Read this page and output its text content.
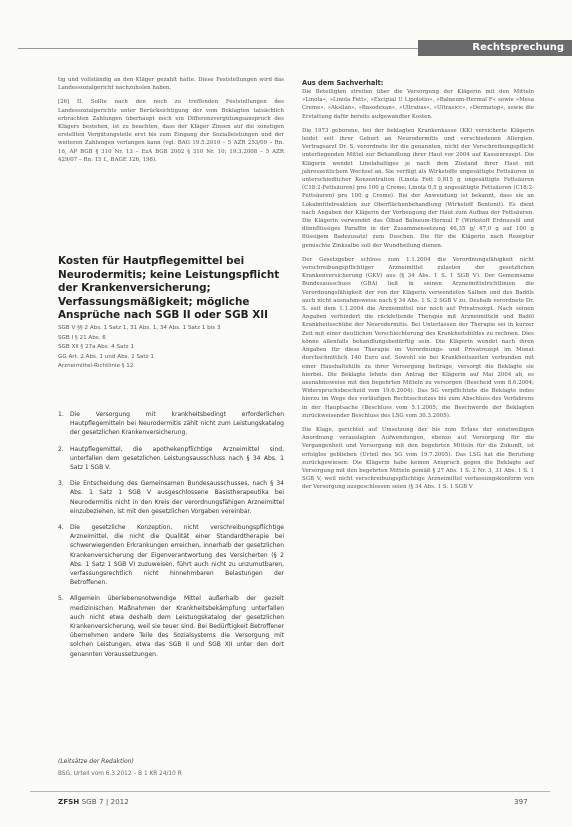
Rechtsprechung

tig und vollständig an den Kläger gezahlt hatte. Diese Feststellungen wird das Landessozialgericht nachzuholen haben.

[26] II. Sollte nach den noch zu treffenden Feststellungen des Landessozialgerichts unter Berücksichtigung der vom Beklagten tatsächlich erbrachten Zahlungen überhaupt noch ein Differenzvergütungsanspruch des Klägers bestehen, ist zu beachten, dass der Kläger Zinsen auf die sonstigen erstellten Vergütungsteile erst bis zum Eingang der Sozialleistungen und der weiteren Zahlungen verlangen kann (vgl. BAG 19.5.2010 – 5 AZR 253/09 – Rn. 16, AP BGB § 310 Nr. 13 – EzA BGB 2002 § 310 Nr. 10; 19.3.2008 – 5 AZR 429/07 – Rn. 15 f., BAGE 126, 198).

Kosten für Hautpflegemittel bei Neurodermitis; keine Leistungspflicht der Krankenversicherung; Verfassungsmäßigkeit; mögliche Ansprüche nach SGB II oder SGB XII
SGB V §§ 2 Abs. 1 Satz 1, 31 Abs. 1, 34 Abs. 1 Satz 1 bis 3
SGB I § 21 Abs. 6
SGB XII § 27a Abs. 4 Satz 1
GG Art. 2 Abs. 1 und Abs. 2 Satz 1
Arzneimittel-Richtlinie § 12
1. Die Versorgung mit krankheitsbedingt erforderlichen Hautpflegemitteln bei Neurodermitis zählt nicht zum Leistungskatalog der gesetzlichen Krankenversicherung.
2. Hautpflegemittel, die apothekenpflichtige Arzneimittel sind, unterfallen dem gesetzlichen Leistungsausschluss nach § 34 Abs. 1 Satz 1 SGB V.
3. Die Entscheidung des Gemeinsamen Bundesausschusses, nach § 34 Abs. 1 Satz 1 SGB V ausgeschlossene Basistherapeutika bei Neurodermitis nicht in den Kreis der verordnungsfähigen Arzneimittel einzubeziehen, ist mit den gesetzlichen Vorgaben vereinbar.
4. Die gesetzliche Konzeption, nicht verschreibungspflichtige Arzneimittel, die nicht die Qualität einer Standardtherapie bei schwerwiegenden Erkrankungen erreichen, innerhalb der gesetzlichen Krankenversicherung der Eigenverantwortung des Versicherten (§ 2 Abs. 1 Satz 1 SGB V) zuzuweisen, führt auch nicht zu unzumutbaren, verfassungsrechtlich nicht hinnehmbaren Belastungen der Betroffenen.
5. Allgemein überlebensnotwendige Mittel außerhalb der gezielt medizinischen Maßnahmen der Krankheitsbekämpfung unterfallen auch nicht etwa deshalb dem Leistungskatalog der gesetzlichen Krankenversicherung, weil sie teuer sind. Bei Bedürftigkeit Betroffener übernehmen andere Teile des Sozialsystems die Versorgung mit solchen Leistungen, etwa das SGB II und SGB XII unter den dort genannten Voraussetzungen.
(Leitsätze der Redaktion)
BSG, Urteil vom 6.3.2012 – B 1 KR 24/10 R
Aus dem Sachverhalt:

Die Beteiligten streiten über die Versorgung der Klägerin mit den Mitteln »Linola«, »Linola Fett«, »Excipial U Lipolotio«, »Balneum-Hermal F« sowie »Mesa Creme«, »Aksilan«, »Basodexan«, »Ultrabas«, »Ultrasicc«, »Dermatop«, sowie die Erstattung dafür bereits aufgewandter Kosten.

Die 1973 geborene, bei der beklagten Krankenkasse (KK) versicherte Klägerin leidet seit ihrer Geburt an Neurodermitis und verschiedenen Allergien. Vertragsarzt Dr. S. verordnete ihr die genannten, nicht der Verschreibungspflicht unterliegenden Mittel zur Behandlung ihrer Haut vor 2004 auf Kassenrezept. Die Klägerin wendet Linolahaltiges je nach dem Zustand ihrer Haut mit jahreszeitlichem Wechsel an. Sie verfügt als Wirkstoffe ungesättigte Fettsäuren in unterschiedlicher Konzentration (Linola Fett 0,815 g ungesättigte Fettsäuren (C18:2-Fettsäuren) pro 100 g Creme; Linola 0,5 g ungesättigte Fettsäuren (C18:2-Fettsäuren) pro 100 g Creme). Bei der Anwendung ist bekannt, dass sie an Lokalmittelreaktion zur Oberflächenbehandlung (Wirkstoff Bentonit). Es dient nach Angaben der Klägerin der Vorbeugung der Haut zum Aufbau der Fettsäuren. Die Klägerin verwendet das Ölbad Balneum-Hermal F (Wirkstoff Erdnussöl und dünnflüssiges Paraffin in der Zusammensetzung 46,35 g/ 47,0 g auf 100 g flüssigem Badezusatz) zum Duschen. Die für die Klägerin nach Rezeptur gemischte Zinksalbe soll der Wundheilung dienen.

Der Gesetzgeber schloss zum 1.1.2004 die Verordnungsfähigkeit nicht verschreibungspflichtiger Arzneimittel zulasten der gesetzlichen Krankenversicherung (GKV) aus (§ 34 Abs. 1 S. 1 SGB V). Der Gemeinsame Bundesausschuss (GBA) ließ in seinen Arzneimittelrichtlinien die Verordnungsfähigkeit der von der Klägerin verwendeten Salben und des Badöls auch nicht ausnahmsweise nach § 34 Abs. 1 S. 2 SGB V zu. Deshalb verordnete Dr. S. seit dem 1.1.2004 die Arzneimittel nur noch auf Privatrezept. Nach seinen Angaben verhindert die rückfettende Therapie mit Arzneimitteln und Badöl Krankheitsschübe der Neurodermitis. Bei Unterlassen der Therapie sei in kurzer Zeit mit einer deutlichen Verschlechterung des Krankheitsbildes zu rechnen. Dies könne allenfalls behandlungsbedürftig sein. Die Klägerin wendet nach ihren Angaben für diese Therapie im Verordnungs- und Privatrezept im Monat durchschnittlich 140 Euro auf. Sowohl sie bei Krankheitszeiten verbunden mit einer Haushaltshilfe zu ihrer Versorgung beitrage, versorgt die Beklagte sie hierbei. Die Beklagte lehnte den Antrag der Klägerin auf Mai 2004 ab, es ausnahmsweise mit den begehrten Mitteln zu versorgen (Bescheid vom 8.6.2004; Widerspruchsbescheid vom 19.6.2004). Das SG verpflichtete die Beklagte indes hierzu im Wege des vorläufigen Rechtsschutzes bis zum Abschluss des Verfahrens in der Hauptsache (Beschluss vom 5.1.2005; die Beschwerde der Beklagten zurückweisender Beschluss des LSG vom 30.3.2005).

Die Klage, gerichtet auf Umsetzung der bis zum Erlass der einstweiligen Anordnung verauslagten Aufwendungen, ebenso auf Versorgung für die Vergangenheit und Versorgung mit den begehrten Mitteln für die Zukunft, ist erfolglos geblieben (Urteil des SG vom 19.7.2005). Das LSG hat die Berufung zurückgewiesen: Die Klägerin habe keinen Anspruch gegen die Beklagte auf Versorgung mit den begehrten Mitteln gemäß § 27 Abs. 1 S. 2 Nr. 3, 31 Abs. 1 S. 1 SGB V, weil nicht verschreibungspflichtige Arzneimittel verfassungskonform von der Versorgung ausgeschlossen seien (§ 34 Abs. 1 S. 1 SGB V

ZFSH SGB 7 | 2012	397
